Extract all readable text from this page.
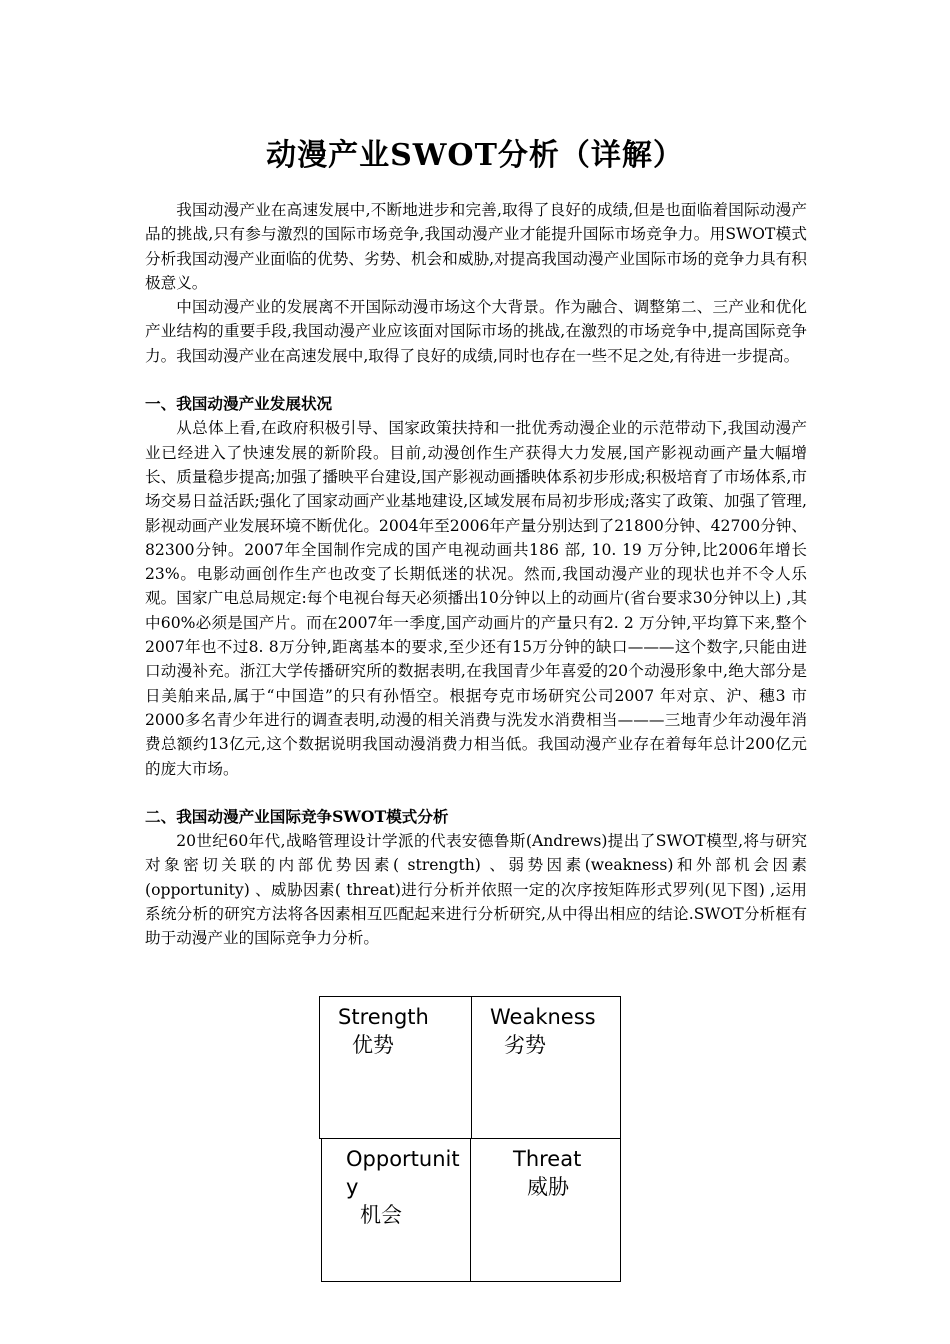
动漫产业SWOT分析（详解）

我国动漫产业在高速发展中,不断地进步和完善,取得了良好的成绩,但是也面临着国际动漫产品的挑战,只有参与激烈的国际市场竞争,我国动漫产业才能提升国际市场竞争力。用SWOT模式分析我国动漫产业面临的优势、劣势、机会和威胁,对提高我国动漫产业国际市场的竞争力具有积极意义。

中国动漫产业的发展离不开国际动漫市场这个大背景。作为融合、调整第二、三产业和优化产业结构的重要手段,我国动漫产业应该面对国际市场的挑战,在激烈的市场竞争中,提高国际竞争力。我国动漫产业在高速发展中,取得了良好的成绩,同时也存在一些不足之处,有待进一步提高。

一、我国动漫产业发展状况

从总体上看,在政府积极引导、国家政策扶持和一批优秀动漫企业的示范带动下,我国动漫产业已经进入了快速发展的新阶段。目前,动漫创作生产获得大力发展,国产影视动画产量大幅增长、质量稳步提高;加强了播映平台建设,国产影视动画播映体系初步形成;积极培育了市场体系,市场交易日益活跃;强化了国家动画产业基地建设,区域发展布局初步形成;落实了政策、加强了管理,影视动画产业发展环境不断优化。2004年至2006年产量分别达到了21800分钟、42700分钟、82300分钟。2007年全国制作完成的国产电视动画共186 部, 10. 19 万分钟,比2006年增长23%。电影动画创作生产也改变了长期低迷的状况。然而,我国动漫产业的现状也并不令人乐观。国家广电总局规定:每个电视台每天必须播出10分钟以上的动画片(省台要求30分钟以上) ,其中60%必须是国产片。而在2007年一季度,国产动画片的产量只有2. 2 万分钟,平均算下来,整个2007年也不过8. 8万分钟,距离基本的要求,至少还有15万分钟的缺口———这个数字,只能由进口动漫补充。浙江大学传播研究所的数据表明,在我国青少年喜爱的20个动漫形象中,绝大部分是日美舶来品,属于“中国造”的只有孙悟空。根据夸克市场研究公司2007 年对京、沪、穗3 市2000多名青少年进行的调查表明,动漫的相关消费与洗发水消费相当———三地青少年动漫年消费总额约13亿元,这个数据说明我国动漫消费力相当低。我国动漫产业存在着每年总计200亿元的庞大市场。

二、我国动漫产业国际竞争SWOT模式分析

20世纪60年代,战略管理设计学派的代表安德鲁斯(Andrews)提出了SWOT模型,将与研究对象密切关联的内部优势因素( strength) 、弱势因素(weakness)和外部机会因素(opportunity) 、威胁因素( threat)进行分析并依照一定的次序按矩阵形式罗列(见下图) ,运用系统分析的研究方法将各因素相互匹配起来进行分析研究,从中得出相应的结论.SWOT分析框有助于动漫产业的国际竞争力分析。

Strength
优势
Weakness
劣势
Opportunity
机会
Threat
威胁
